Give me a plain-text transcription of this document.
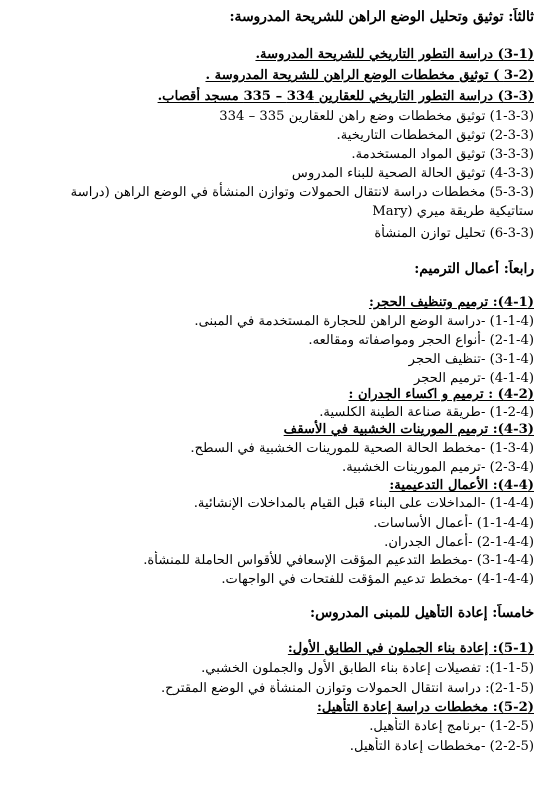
ثالثاً: توثيق وتحليل الوضع الراهن للشريحة المدروسة:
(3-1) دراسة التطور التاريخي للشريحة المدروسة.
(3-2 ) توثيق مخططات الوضع الراهن للشريحة المدروسة .
(3-3) دراسة التطور التاريخي للعقارين 334 – 335 مسجد أقصاب.
(1-3-3) توثيق مخططات وضع راهن للعقارين 335 – 334
(2-3-3) توثيق المخططات التاريخية.
(3-3-3) توثيق المواد المستخدمة.
(4-3-3) توثيق الحالة الصحية للبناء المدروس
(5-3-3) مخططات دراسة لانتقال الحمولات وتوازن المنشأة في الوضع الراهن (دراسة ستاتيكية طريقة ميري (Mary
(6-3-3) تحليل توازن المنشأة
رابعاً: أعمال الترميم:
(4-1): ترميم وتنظيف الحجر:
(1-1-4) -دراسة الوضع الراهن للحجارة المستخدمة في المبنى.
(2-1-4) -أنواع الحجر ومواصفاته ومقالعه.
(3-1-4) -تنظيف الحجر
(4-1-4) -ترميم الحجر
(4-2) : ترميم و اكساء الجدران :
(1-2-4) -طريقة صناعة الطينة الكلسية.
(4-3): ترميم المورينات الخشبية في الأسقف
(1-3-4) -مخطط الحالة الصحية للمورينات الخشبية في السطح.
(2-3-4) -ترميم المورينات الخشبية.
(4-4): الأعمال التدعيمية:
(1-4-4) -المداخلات على البناء قبل القيام بالمداخلات الإنشائية.
(1-1-4-4) -أعمال الأساسات.
(2-1-4-4) -أعمال الجدران.
(3-1-4-4) -مخطط التدعيم المؤقت الإسعافي للأقواس الحاملة للمنشأة.
(4-1-4-4) -مخطط تدعيم المؤقت للفتحات في الواجهات.
خامساً: إعادة التأهيل للمبنى المدروس:
(5-1): إعادة بناء الجملون في الطابق الأول:
(1-1-5): تفصيلات إعادة بناء الطابق الأول والجملون الخشبي.
(2-1-5): دراسة انتقال الحمولات وتوازن المنشأة في الوضع المقترح.
(5-2): مخططات دراسة إعادة التأهيل:
(1-2-5) -برنامج إعادة التأهيل.
(2-2-5) -مخططات إعادة التأهيل.
